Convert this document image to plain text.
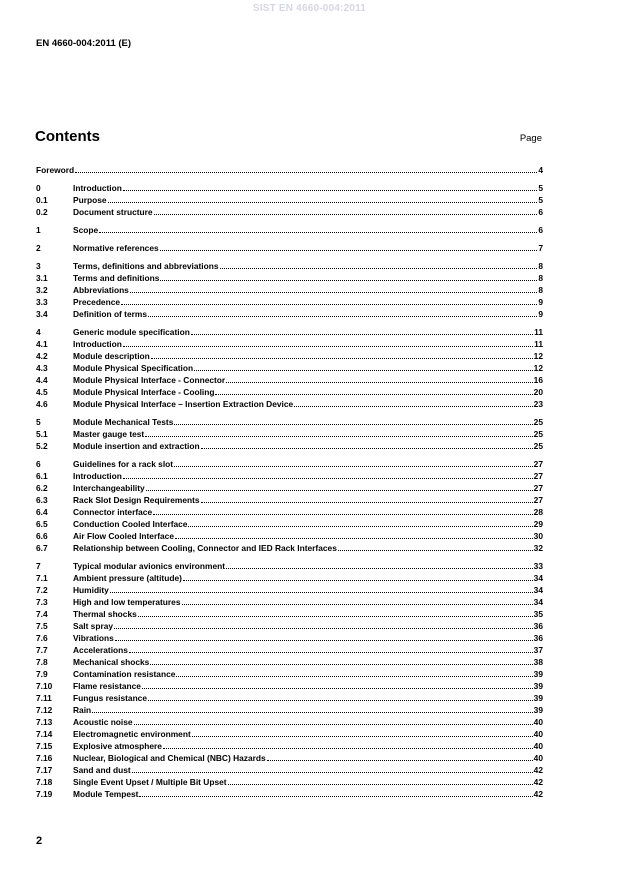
SIST EN 4660-004:2011
EN 4660-004:2011 (E)
Contents	Page
Foreword	4
0	Introduction	5
0.1	Purpose	5
0.2	Document structure	6
1	Scope	6
2	Normative references	7
3	Terms, definitions and abbreviations	8
3.1	Terms and definitions	8
3.2	Abbreviations	8
3.3	Precedence	9
3.4	Definition of terms	9
4	Generic module specification	11
4.1	Introduction	11
4.2	Module description	12
4.3	Module Physical Specification	12
4.4	Module Physical Interface - Connector	16
4.5	Module Physical Interface - Cooling	20
4.6	Module Physical Interface – Insertion Extraction Device	23
5	Module Mechanical Tests	25
5.1	Master gauge test	25
5.2	Module insertion and extraction	25
6	Guidelines for a rack slot	27
6.1	Introduction	27
6.2	Interchangeability	27
6.3	Rack Slot Design Requirements	27
6.4	Connector interface	28
6.5	Conduction Cooled Interface	29
6.6	Air Flow Cooled Interface	30
6.7	Relationship between Cooling, Connector and IED Rack Interfaces	32
7	Typical modular avionics environment	33
7.1	Ambient pressure (altitude)	34
7.2	Humidity	34
7.3	High and low temperatures	34
7.4	Thermal shocks	35
7.5	Salt spray	36
7.6	Vibrations	36
7.7	Accelerations	37
7.8	Mechanical shocks	38
7.9	Contamination resistance	39
7.10 Flame resistance	39
7.11	Fungus resistance	39
7.12 Rain	39
7.13 Acoustic noise	40
7.14 Electromagnetic environment	40
7.15 Explosive atmosphere	40
7.16 Nuclear, Biological and Chemical (NBC) Hazards	40
7.17 Sand and dust	42
7.18 Single Event Upset / Multiple Bit Upset	42
7.19 Module Tempest	42
2
